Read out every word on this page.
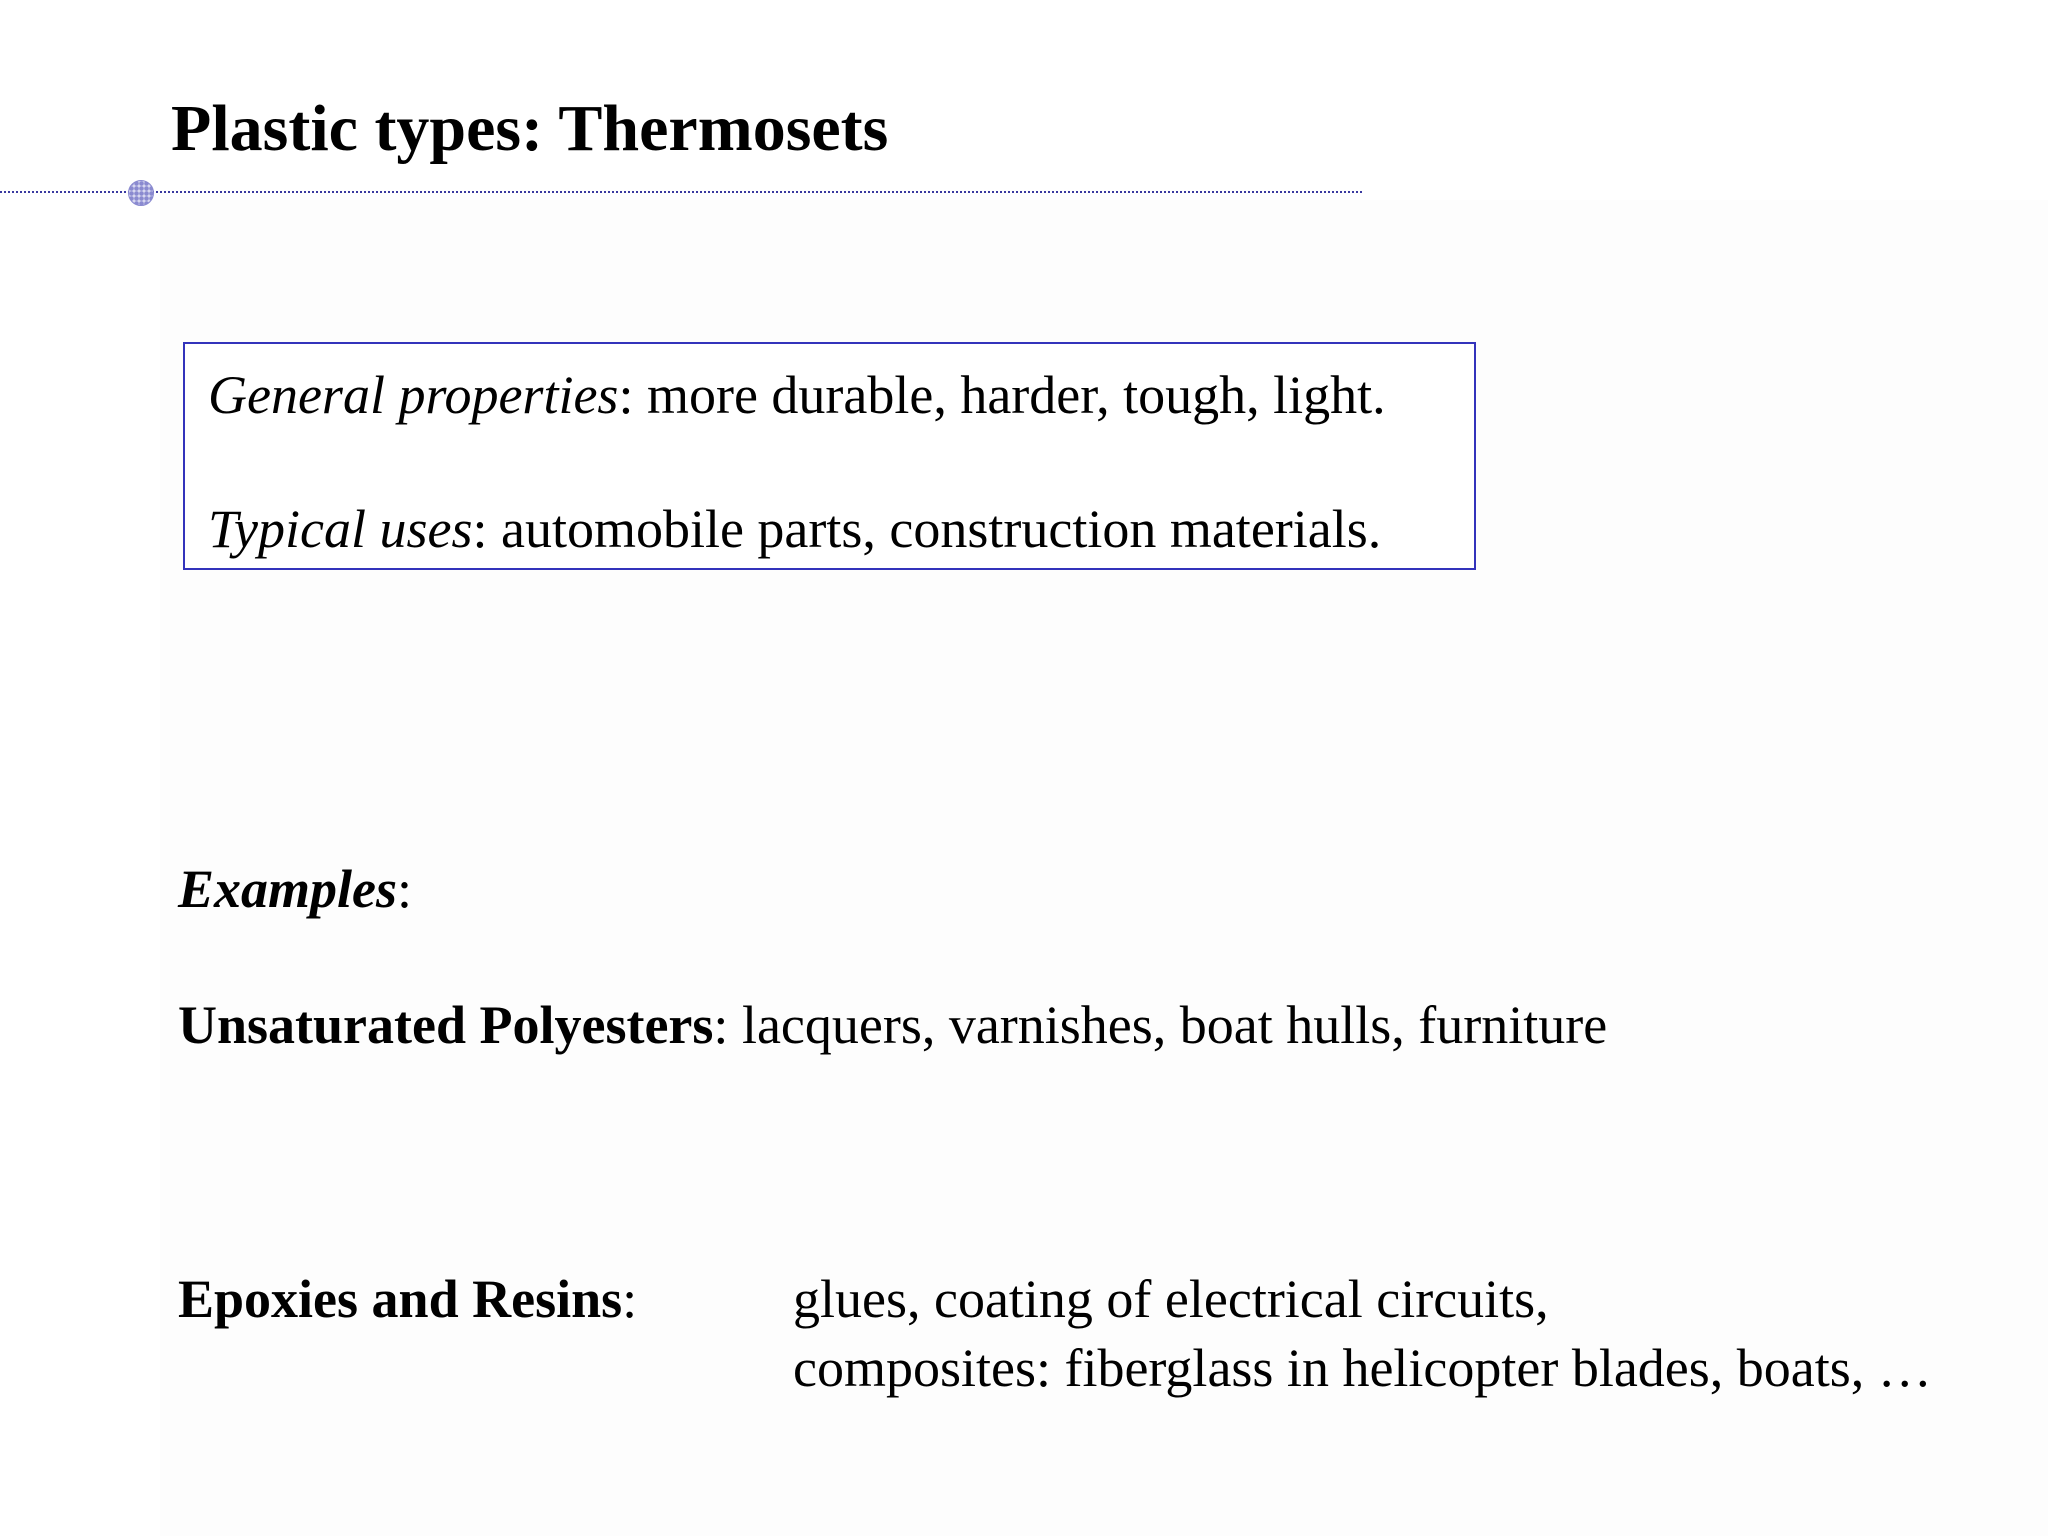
Plastic types: Thermosets
General properties: more durable, harder, tough, light.
Typical uses: automobile parts, construction materials.
Examples:
Unsaturated Polyesters: lacquers, varnishes, boat hulls, furniture
Epoxies and Resins:	glues, coating of electrical circuits,
composites: fiberglass in helicopter blades, boats, …
